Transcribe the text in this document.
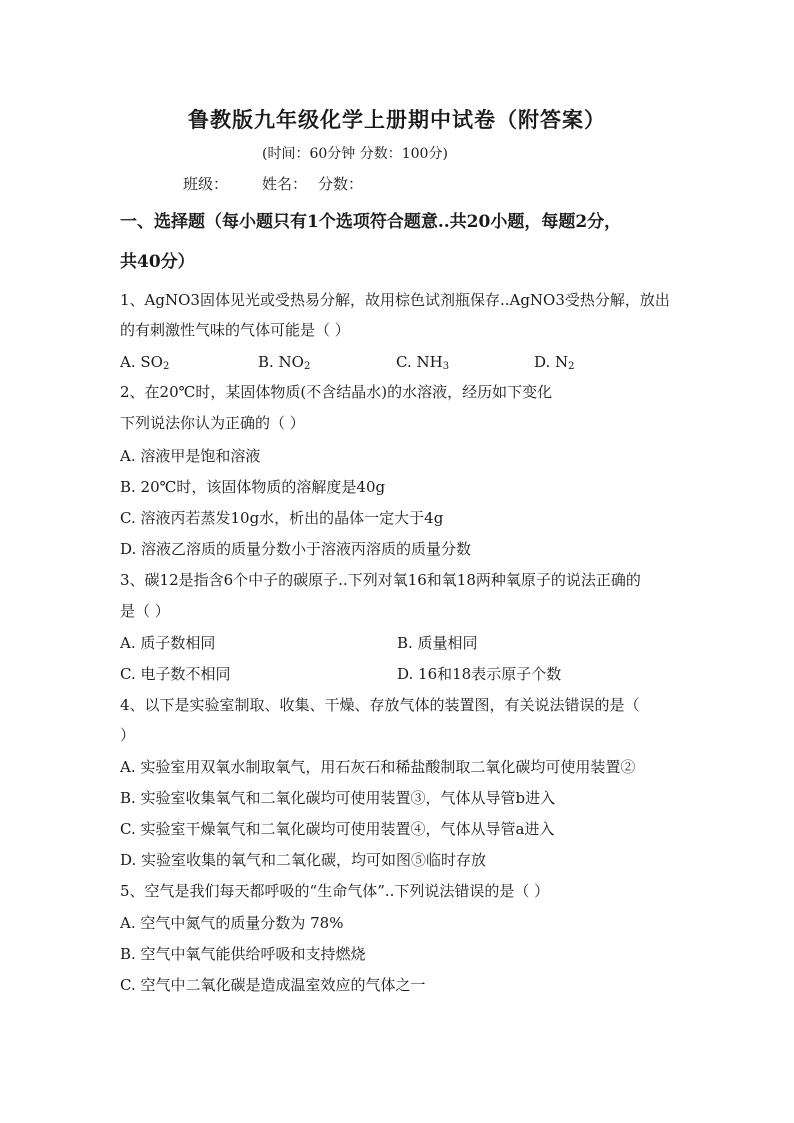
鲁教版九年级化学上册期中试卷（附答案）
(时间：60分钟 分数：100分)
班级： 姓名： 分数：
一、选择题（每小题只有1个选项符合题意..共20小题，每题2分，
共40分）
1、AgNO3固体见光或受热易分解，故用棕色试剂瓶保存..AgNO3受热分解，放出
的有刺激性气味的气体可能是（ ）
A. $SO_2$	B. $NO_2$	C. $NH_3$	D. $N_2$
2、在20℃时，某固体物质(不含结晶水)的水溶液，经历如下变化
下列说法你认为正确的（ ）
A. 溶液甲是饱和溶液
B. 20℃时，该固体物质的溶解度是40g
C. 溶液丙若蒸发10g水，析出的晶体一定大于4g
D. 溶液乙溶质的质量分数小于溶液丙溶质的质量分数
3、碳12是指含6个中子的碳原子..下列对氧16和氧18两种氧原子的说法正确的
是（ ）
A. 质子数相同	B. 质量相同
C. 电子数不相同	D. 16和18表示原子个数
4、以下是实验室制取、收集、干燥、存放气体的装置图，有关说法错误的是（
）
A. 实验室用双氧水制取氧气，用石灰石和稀盐酸制取二氧化碳均可使用装置②
B. 实验室收集氧气和二氧化碳均可使用装置③，气体从导管b进入
C. 实验室干燥氧气和二氧化碳均可使用装置④，气体从导管a进入
D. 实验室收集的氧气和二氧化碳，均可如图⑤临时存放
5、空气是我们每天都呼吸的“生命气体”..下列说法错误的是（ ）
A. 空气中氮气的质量分数为 78%
B. 空气中氧气能供给呼吸和支持燃烧
C. 空气中二氧化碳是造成温室效应的气体之一
